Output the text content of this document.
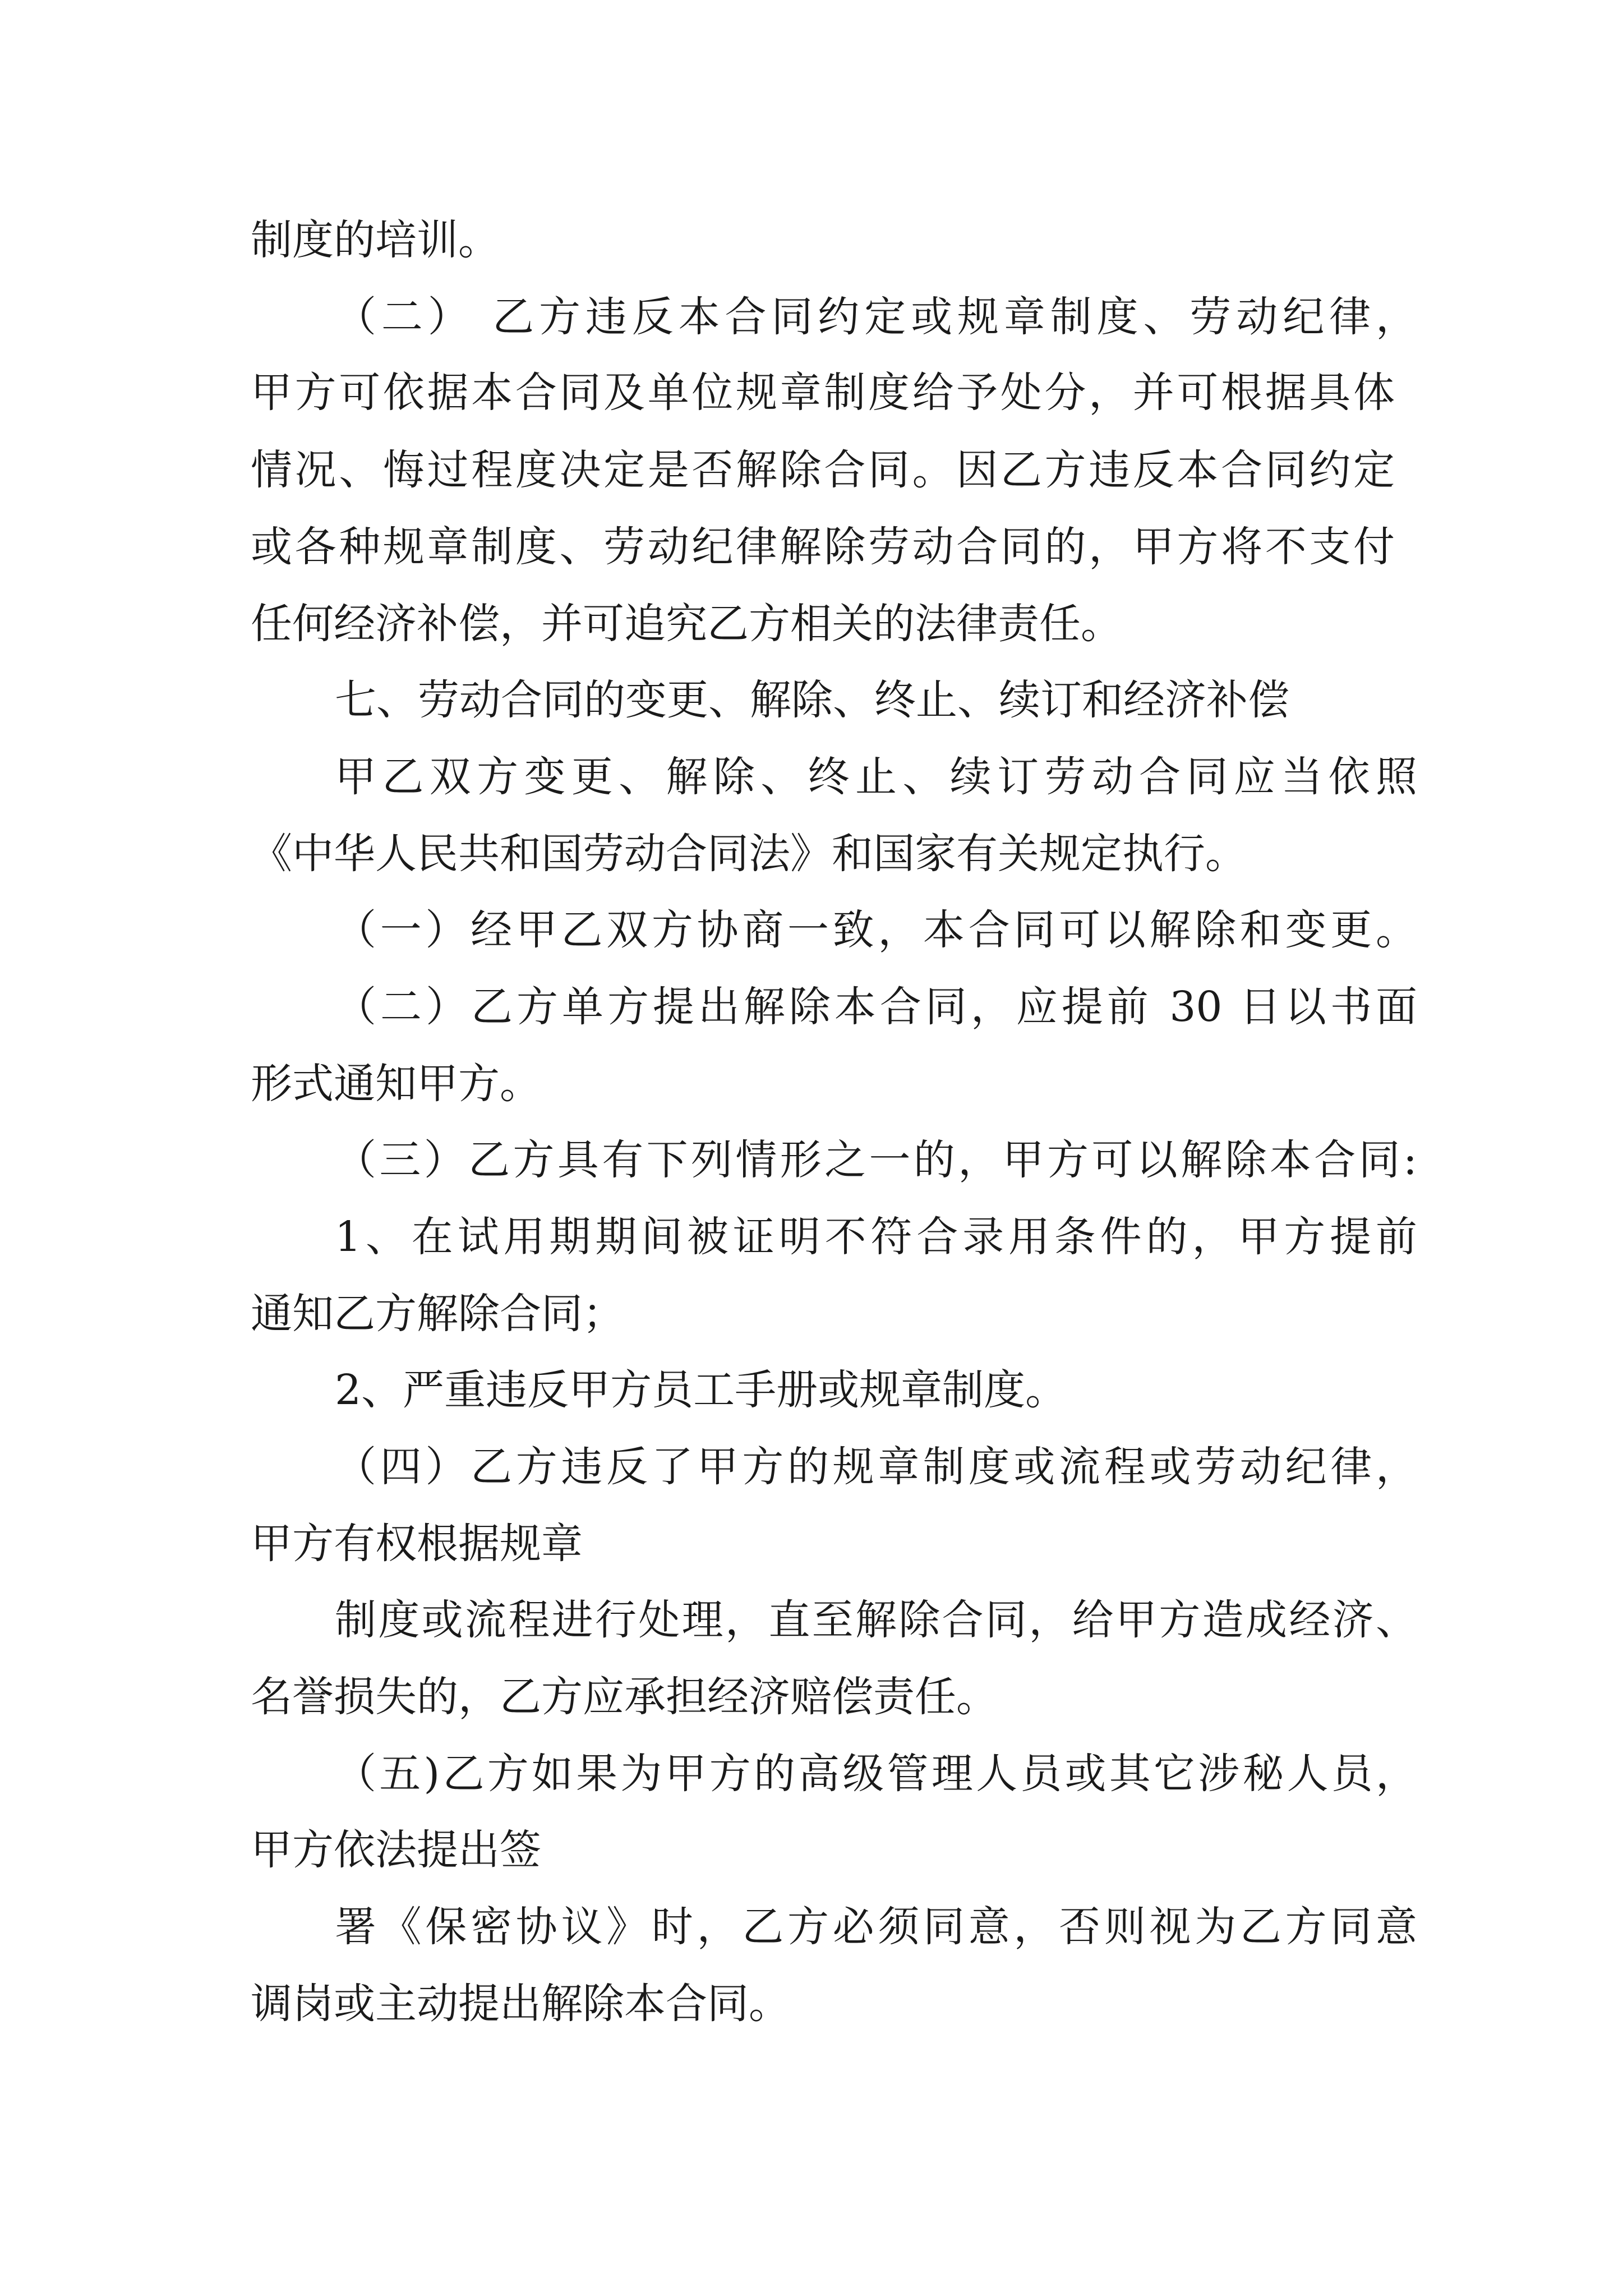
制度的培训。
（二） 乙方违反本合同约定或规章制度、劳动纪律，
甲方可依据本合同及单位规章制度给予处分，并可根据具体
情况、悔过程度决定是否解除合同。因乙方违反本合同约定
或各种规章制度、劳动纪律解除劳动合同的，甲方将不支付
任何经济补偿，并可追究乙方相关的法律责任。
七、劳动合同的变更、解除、终止、续订和经济补偿
甲乙双方变更、解除、终止、续订劳动合同应当依照
《中华人民共和国劳动合同法》和国家有关规定执行。
（一）经甲乙双方协商一致，本合同可以解除和变更。
（二）乙方单方提出解除本合同，应提前 30 日以书面
形式通知甲方。
（三）乙方具有下列情形之一的，甲方可以解除本合同:
1、在试用期期间被证明不符合录用条件的，甲方提前
通知乙方解除合同；
2、严重违反甲方员工手册或规章制度。
（四）乙方违反了甲方的规章制度或流程或劳动纪律，
甲方有权根据规章
制度或流程进行处理，直至解除合同，给甲方造成经济、
名誉损失的，乙方应承担经济赔偿责任。
（五)乙方如果为甲方的高级管理人员或其它涉秘人员，
甲方依法提出签
署《保密协议》时，乙方必须同意，否则视为乙方同意
调岗或主动提出解除本合同。
